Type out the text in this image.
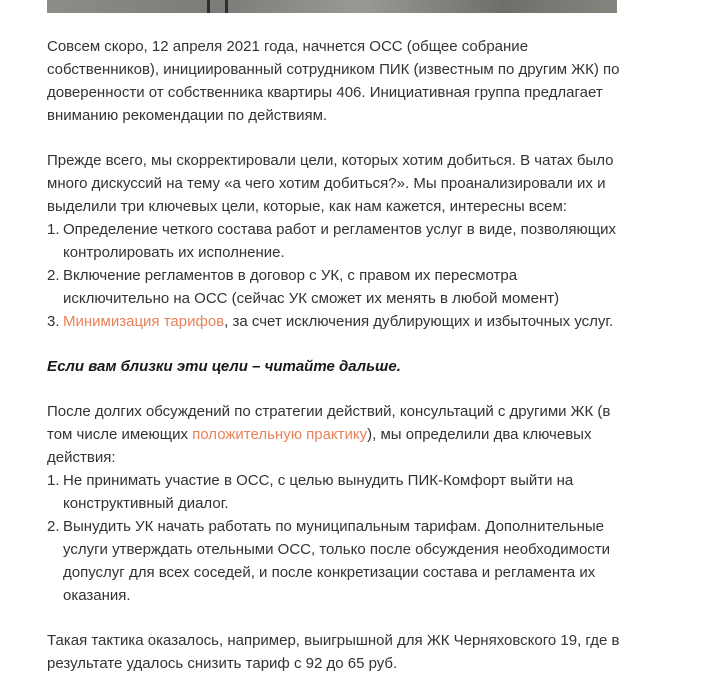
Совсем скоро, 12 апреля 2021 года, начнется ОСС (общее собрание собственников), инициированный сотрудником ПИК (известным по другим ЖК) по доверенности от собственника квартиры 406. Инициативная группа предлагает вниманию рекомендации по действиям.

Прежде всего, мы скорректировали цели, которых хотим добиться. В чатах было много дискуссий на тему «а чего хотим добиться?». Мы проанализировали их и выделили три ключевых цели, которые, как нам кажется, интересны всем:

1. Определение четкого состава работ и регламентов услуг в виде, позволяющих контролировать их исполнение.
2. Включение регламентов в договор с УК, с правом их пересмотра исключительно на ОСС (сейчас УК сможет их менять в любой момент)
3. Минимизация тарифов, за счет исключения дублирующих и избыточных услуг.

Если вам близки эти цели – читайте дальше.

После долгих обсуждений по стратегии действий, консультаций с другими ЖК (в том числе имеющих положительную практику), мы определили два ключевых действия:

1. Не принимать участие в ОСС, с целью вынудить ПИК-Комфорт выйти на конструктивный диалог.
2. Вынудить УК начать работать по муниципальным тарифам. Дополнительные услуги утверждать отельными ОСС, только после обсуждения необходимости допуслуг для всех соседей, и после конкретизации состава и регламента их оказания.

Такая тактика оказалось, например, выигрышной для ЖК Черняховского 19, где в результате удалось снизить тариф с 92 до 65 руб.
